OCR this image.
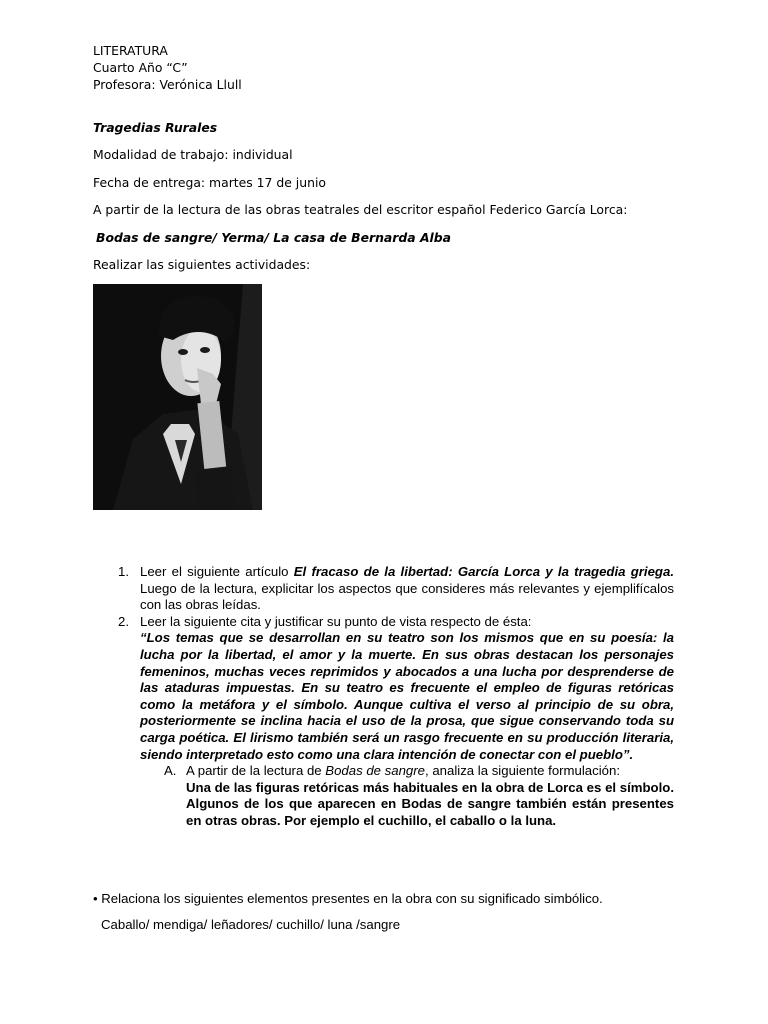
LITERATURA

Cuarto Año “C”

Profesora: Verónica Llull

Tragedias Rurales
Modalidad de trabajo: individual
Fecha de entrega: martes 17 de junio
A partir de la lectura de las obras teatrales del escritor español Federico García Lorca:
Bodas de sangre/ Yerma/ La casa de Bernarda Alba
Realizar las siguientes actividades:
1. Leer el siguiente artículo El fracaso de la libertad: García Lorca y la tragedia griega. Luego de la lectura, explicitar los aspectos que consideres más relevantes y ejemplifícalos con las obras leídas.
2. Leer la siguiente cita y justificar su punto de vista respecto de ésta:
“Los temas que se desarrollan en su teatro son los mismos que en su poesía: la lucha por la libertad, el amor y la muerte. En sus obras destacan los personajes femeninos, muchas veces reprimidos y abocados a una lucha por desprenderse de las ataduras impuestas. En su teatro es frecuente el empleo de figuras retóricas como la metáfora y el símbolo. Aunque cultiva el verso al principio de su obra, posteriormente se inclina hacia el uso de la prosa, que sigue conservando toda su carga poética. El lirismo también será un rasgo frecuente en su producción literaria, siendo interpretado esto como una clara intención de conectar con el pueblo”.
A. A partir de la lectura de Bodas de sangre, analiza la siguiente formulación:
Una de las figuras retóricas más habituales en la obra de Lorca es el símbolo. Algunos de los que aparecen en Bodas de sangre también están presentes en otras obras. Por ejemplo el cuchillo, el caballo o la luna.
• Relaciona los siguientes elementos presentes en la obra con su significado simbólico.
Caballo/ mendiga/ leñadores/ cuchillo/ luna /sangre
